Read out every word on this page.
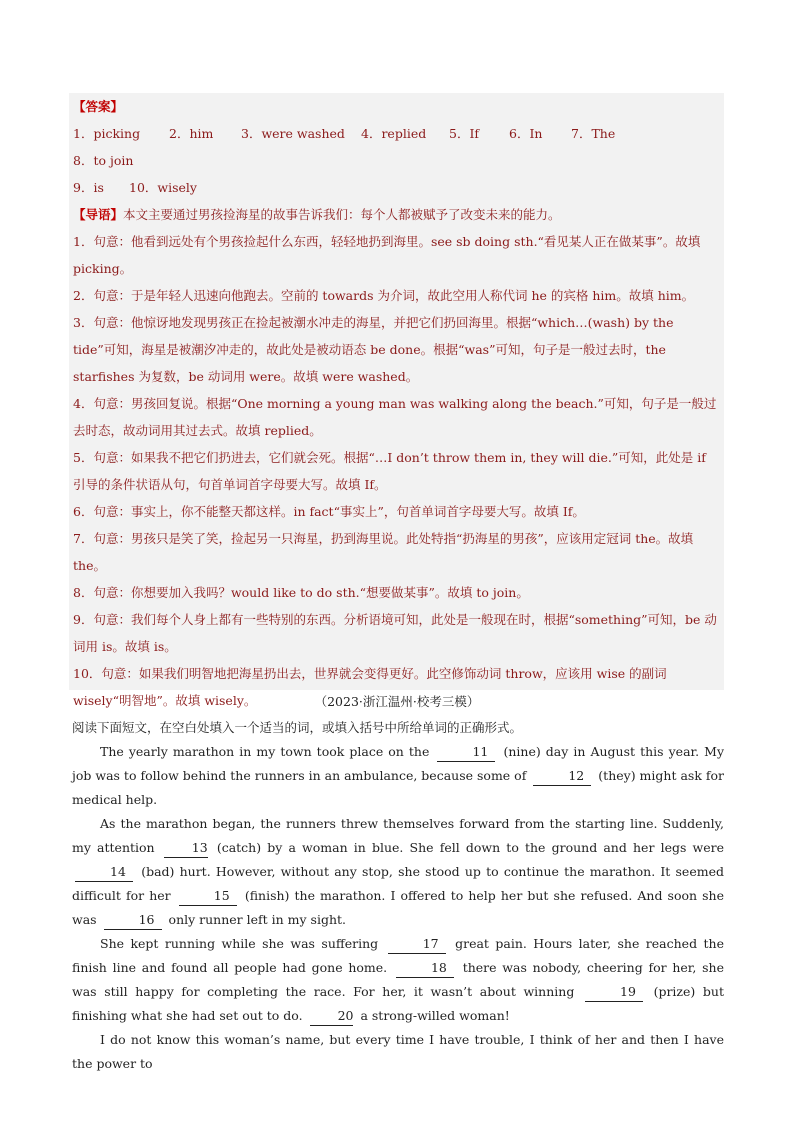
【答案】

1．picking 2．him 3．were washed 4．replied 5．If 6．In 7．The8．to join

9．is 10．wisely

【导语】本文主要通过男孩捡海星的故事告诉我们：每个人都被赋予了改变未来的能力。

1．句意：他看到远处有个男孩捡起什么东西，轻轻地扔到海里。see sb doing sth.“看见某人正在做某事”。故填 picking。

2．句意：于是年轻人迅速向他跑去。空前的 towards 为介词，故此空用人称代词 he 的宾格 him。故填 him。

3．句意：他惊讶地发现男孩正在捡起被潮水冲走的海星，并把它们扔回海里。根据“which…(wash) by the tide”可知，海星是被潮汐冲走的，故此处是被动语态 be done。根据“was”可知，句子是一般过去时，the starfishes 为复数，be 动词用 were。故填 were washed。

4．句意：男孩回复说。根据“One morning a young man was walking along the beach.”可知，句子是一般过去时态，故动词用其过去式。故填 replied。

5．句意：如果我不把它们扔进去，它们就会死。根据“…I don’t throw them in, they will die.”可知，此处是 if 引导的条件状语从句，句首单词首字母要大写。故填 If。

6．句意：事实上，你不能整天都这样。in fact“事实上”，句首单词首字母要大写。故填 If。

7．句意：男孩只是笑了笑，捡起另一只海星，扔到海里说。此处特指“扔海星的男孩”，应该用定冠词 the。故填 the。

8．句意：你想要加入我吗？would like to do sth.“想要做某事”。故填 to join。

9．句意：我们每个人身上都有一些特别的东西。分析语境可知，此处是一般现在时，根据“something”可知，be 动词用 is。故填 is。

10．句意：如果我们明智地把海星扔出去，世界就会变得更好。此空修饰动词 throw，应该用 wise 的副词 wisely“明智地”。故填 wisely。	（2023·浙江温州·校考三模）

阅读下面短文，在空白处填入一个适当的词，或填入括号中所给单词的正确形式。

The yearly marathon in my town took place on the	11 (nine) day in August this year. My job was to follow behind the runners in an ambulance, because some of	12 (they) might ask for medical help.

As the marathon began, the runners threw themselves forward from the starting line. Suddenly, my attention	13 (catch) by a woman in blue. She fell down to the ground and her legs were 14 (bad) hurt. However, without any stop, she stood up to continue the marathon. It seemed difficult for her	15 (finish) the marathon. I offered to help her but she refused. And soon she was	16 only runner left in my sight.

She kept running while she was suffering	17 great pain. Hours later, she reached the finish line and found all people had gone home.	18 there was nobody, cheering for her, she was still happy for completing the race. For her, it wasn’t about winning	19 (prize) but finishing what she had set out to do.	20 a strong-willed woman!

I do not know this woman’s name, but every time I have trouble, I think of her and then I have the power to
